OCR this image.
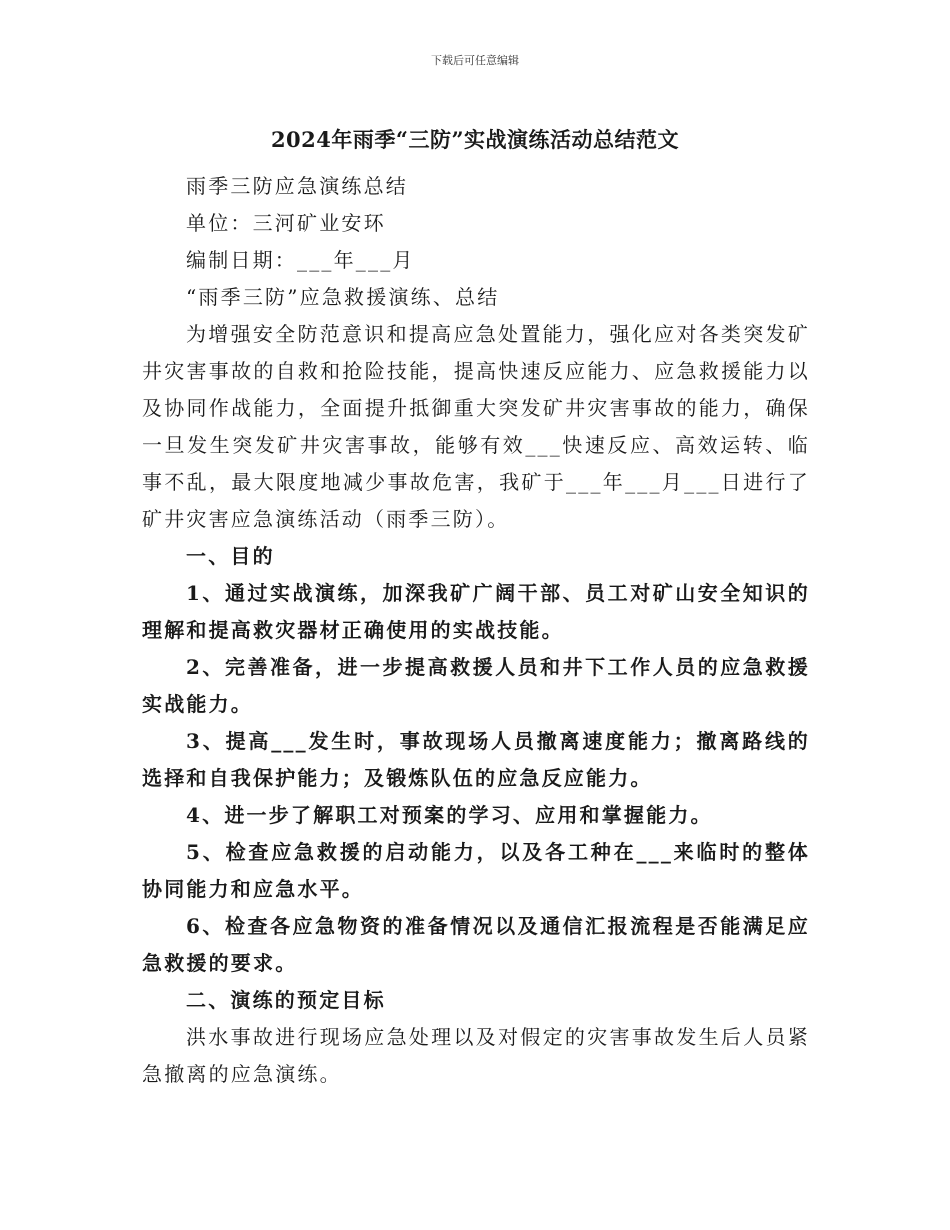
下载后可任意编辑
2024年雨季“三防”实战演练活动总结范文
雨季三防应急演练总结
单位：三河矿业安环
编制日期：___年___月
“雨季三防”应急救援演练、总结

为增强安全防范意识和提高应急处置能力，强化应对各类突发矿井灾害事故的自救和抢险技能，提高快速反应能力、应急救援能力以及协同作战能力，全面提升抵御重大突发矿井灾害事故的能力，确保一旦发生突发矿井灾害事故，能够有效___快速反应、高效运转、临事不乱，最大限度地减少事故危害，我矿于___年___月___日进行了矿井灾害应急演练活动（雨季三防）。

一、目的

1、通过实战演练，加深我矿广阔干部、员工对矿山安全知识的理解和提高救灾器材正确使用的实战技能。

2、完善准备，进一步提高救援人员和井下工作人员的应急救援实战能力。

3、提高___发生时，事故现场人员撤离速度能力；撤离路线的选择和自我保护能力；及锻炼队伍的应急反应能力。

4、进一步了解职工对预案的学习、应用和掌握能力。

5、检查应急救援的启动能力，以及各工种在___来临时的整体协同能力和应急水平。

6、检查各应急物资的准备情况以及通信汇报流程是否能满足应急救援的要求。

二、演练的预定目标

洪水事故进行现场应急处理以及对假定的灾害事故发生后人员紧急撤离的应急演练。
